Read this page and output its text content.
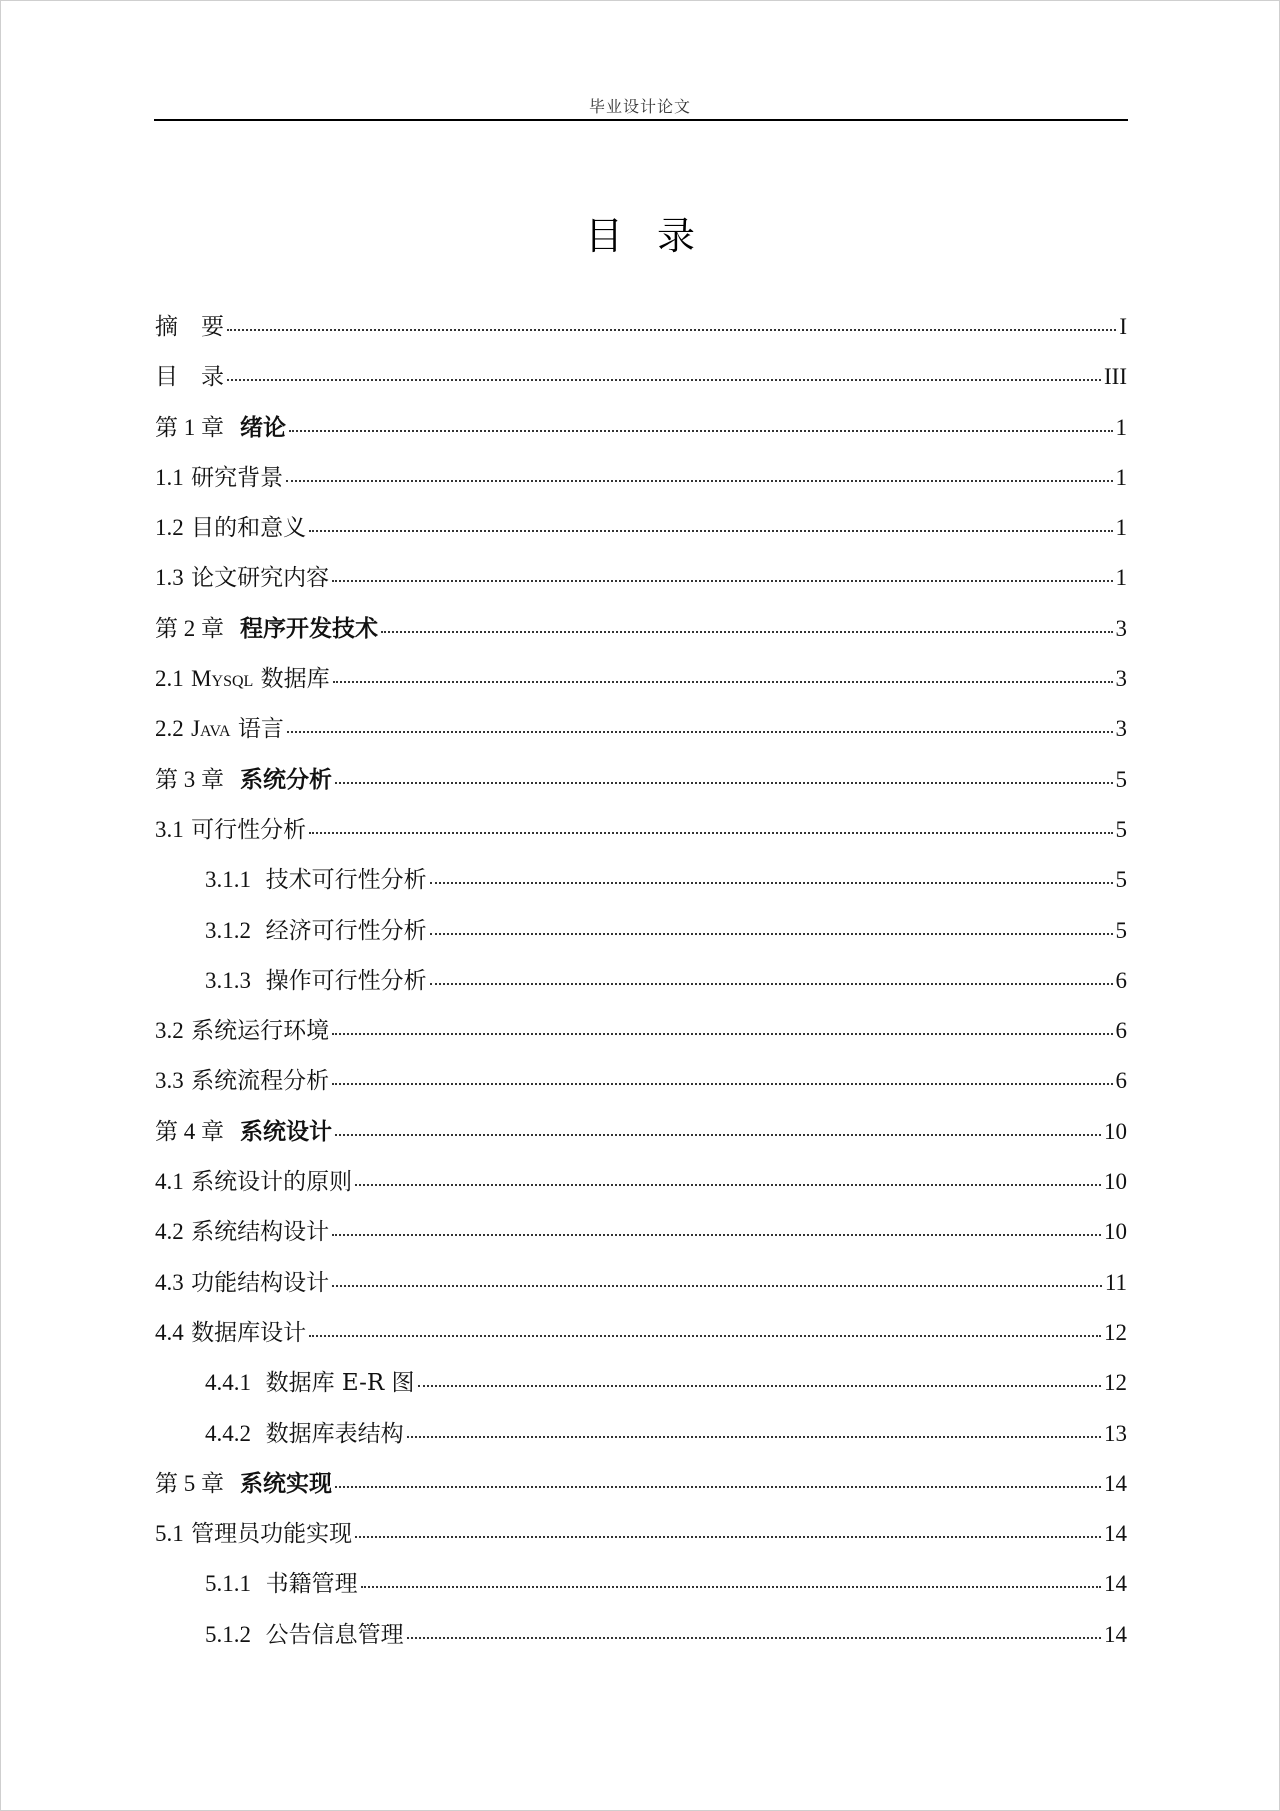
毕业设计论文
目录
摘　要	I
目　录	III
第 1 章 绪论	1
1.1 研究背景	1
1.2 目的和意义	1
1.3 论文研究内容	1
第 2 章 程序开发技术	3
2.1 Mysql 数据库	3
2.2 Java 语言	3
第 3 章 系统分析	5
3.1 可行性分析	5
3.1.1 技术可行性分析	5
3.1.2 经济可行性分析	5
3.1.3 操作可行性分析	6
3.2 系统运行环境	6
3.3 系统流程分析	6
第 4 章 系统设计	10
4.1 系统设计的原则	10
4.2 系统结构设计	10
4.3 功能结构设计	11
4.4 数据库设计	12
4.4.1 数据库 E-R 图	12
4.4.2 数据库表结构	13
第 5 章 系统实现	14
5.1 管理员功能实现	14
5.1.1 书籍管理	14
5.1.2 公告信息管理	14
